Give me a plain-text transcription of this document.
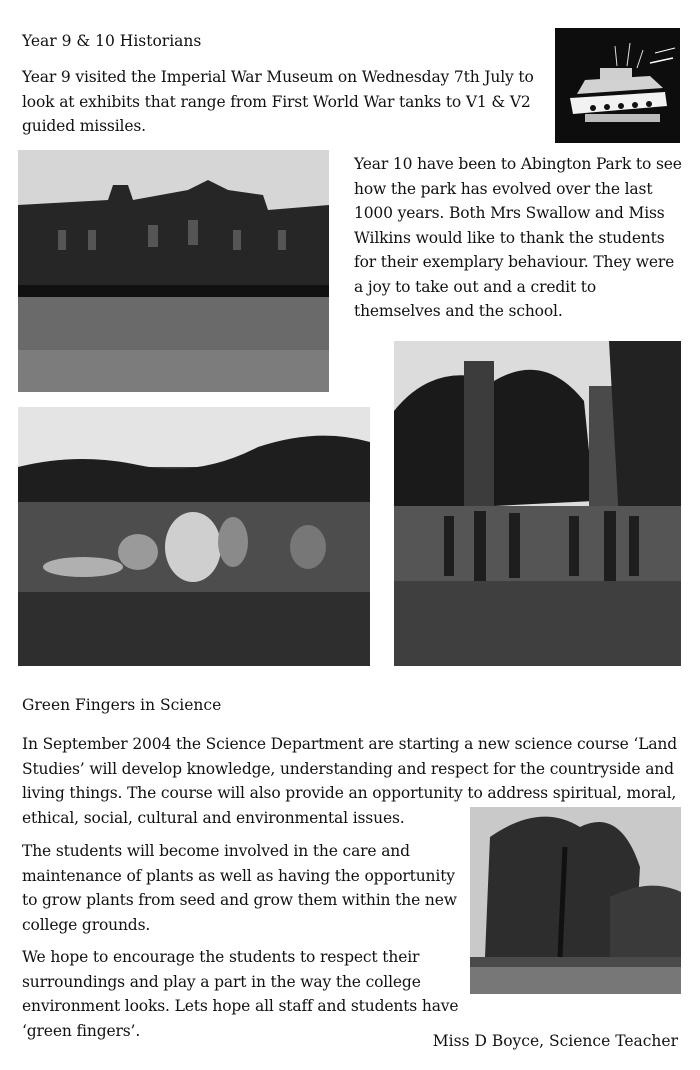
Year 9 & 10 Historians

Year 9 visited the Imperial War Museum on Wednesday 7th July to look at exhibits that range from First World War tanks to V1 & V2 guided missiles.

Year 10 have been to Abington Park to see how the park has evolved over the last 1000 years. Both Mrs Swallow and Miss Wilkins would like to thank the students for their exemplary behaviour. They were a joy to take out and a credit to themselves and the school.

Green Fingers in Science

In September 2004 the Science Department are starting a new science course ‘Land Studies’ will develop knowledge, understanding and respect for the countryside and living things. The course will also provide an opportunity to address spiritual, moral, ethical, social, cultural and environmental issues.

The students will become involved in the care and maintenance of plants as well as having the opportunity to grow plants from seed and grow them within the new college grounds.

We hope to encourage the students to respect their surroundings and play a part in the way the college environment looks. Lets hope all staff and students have ‘green fingers’.

Miss D Boyce, Science Teacher
